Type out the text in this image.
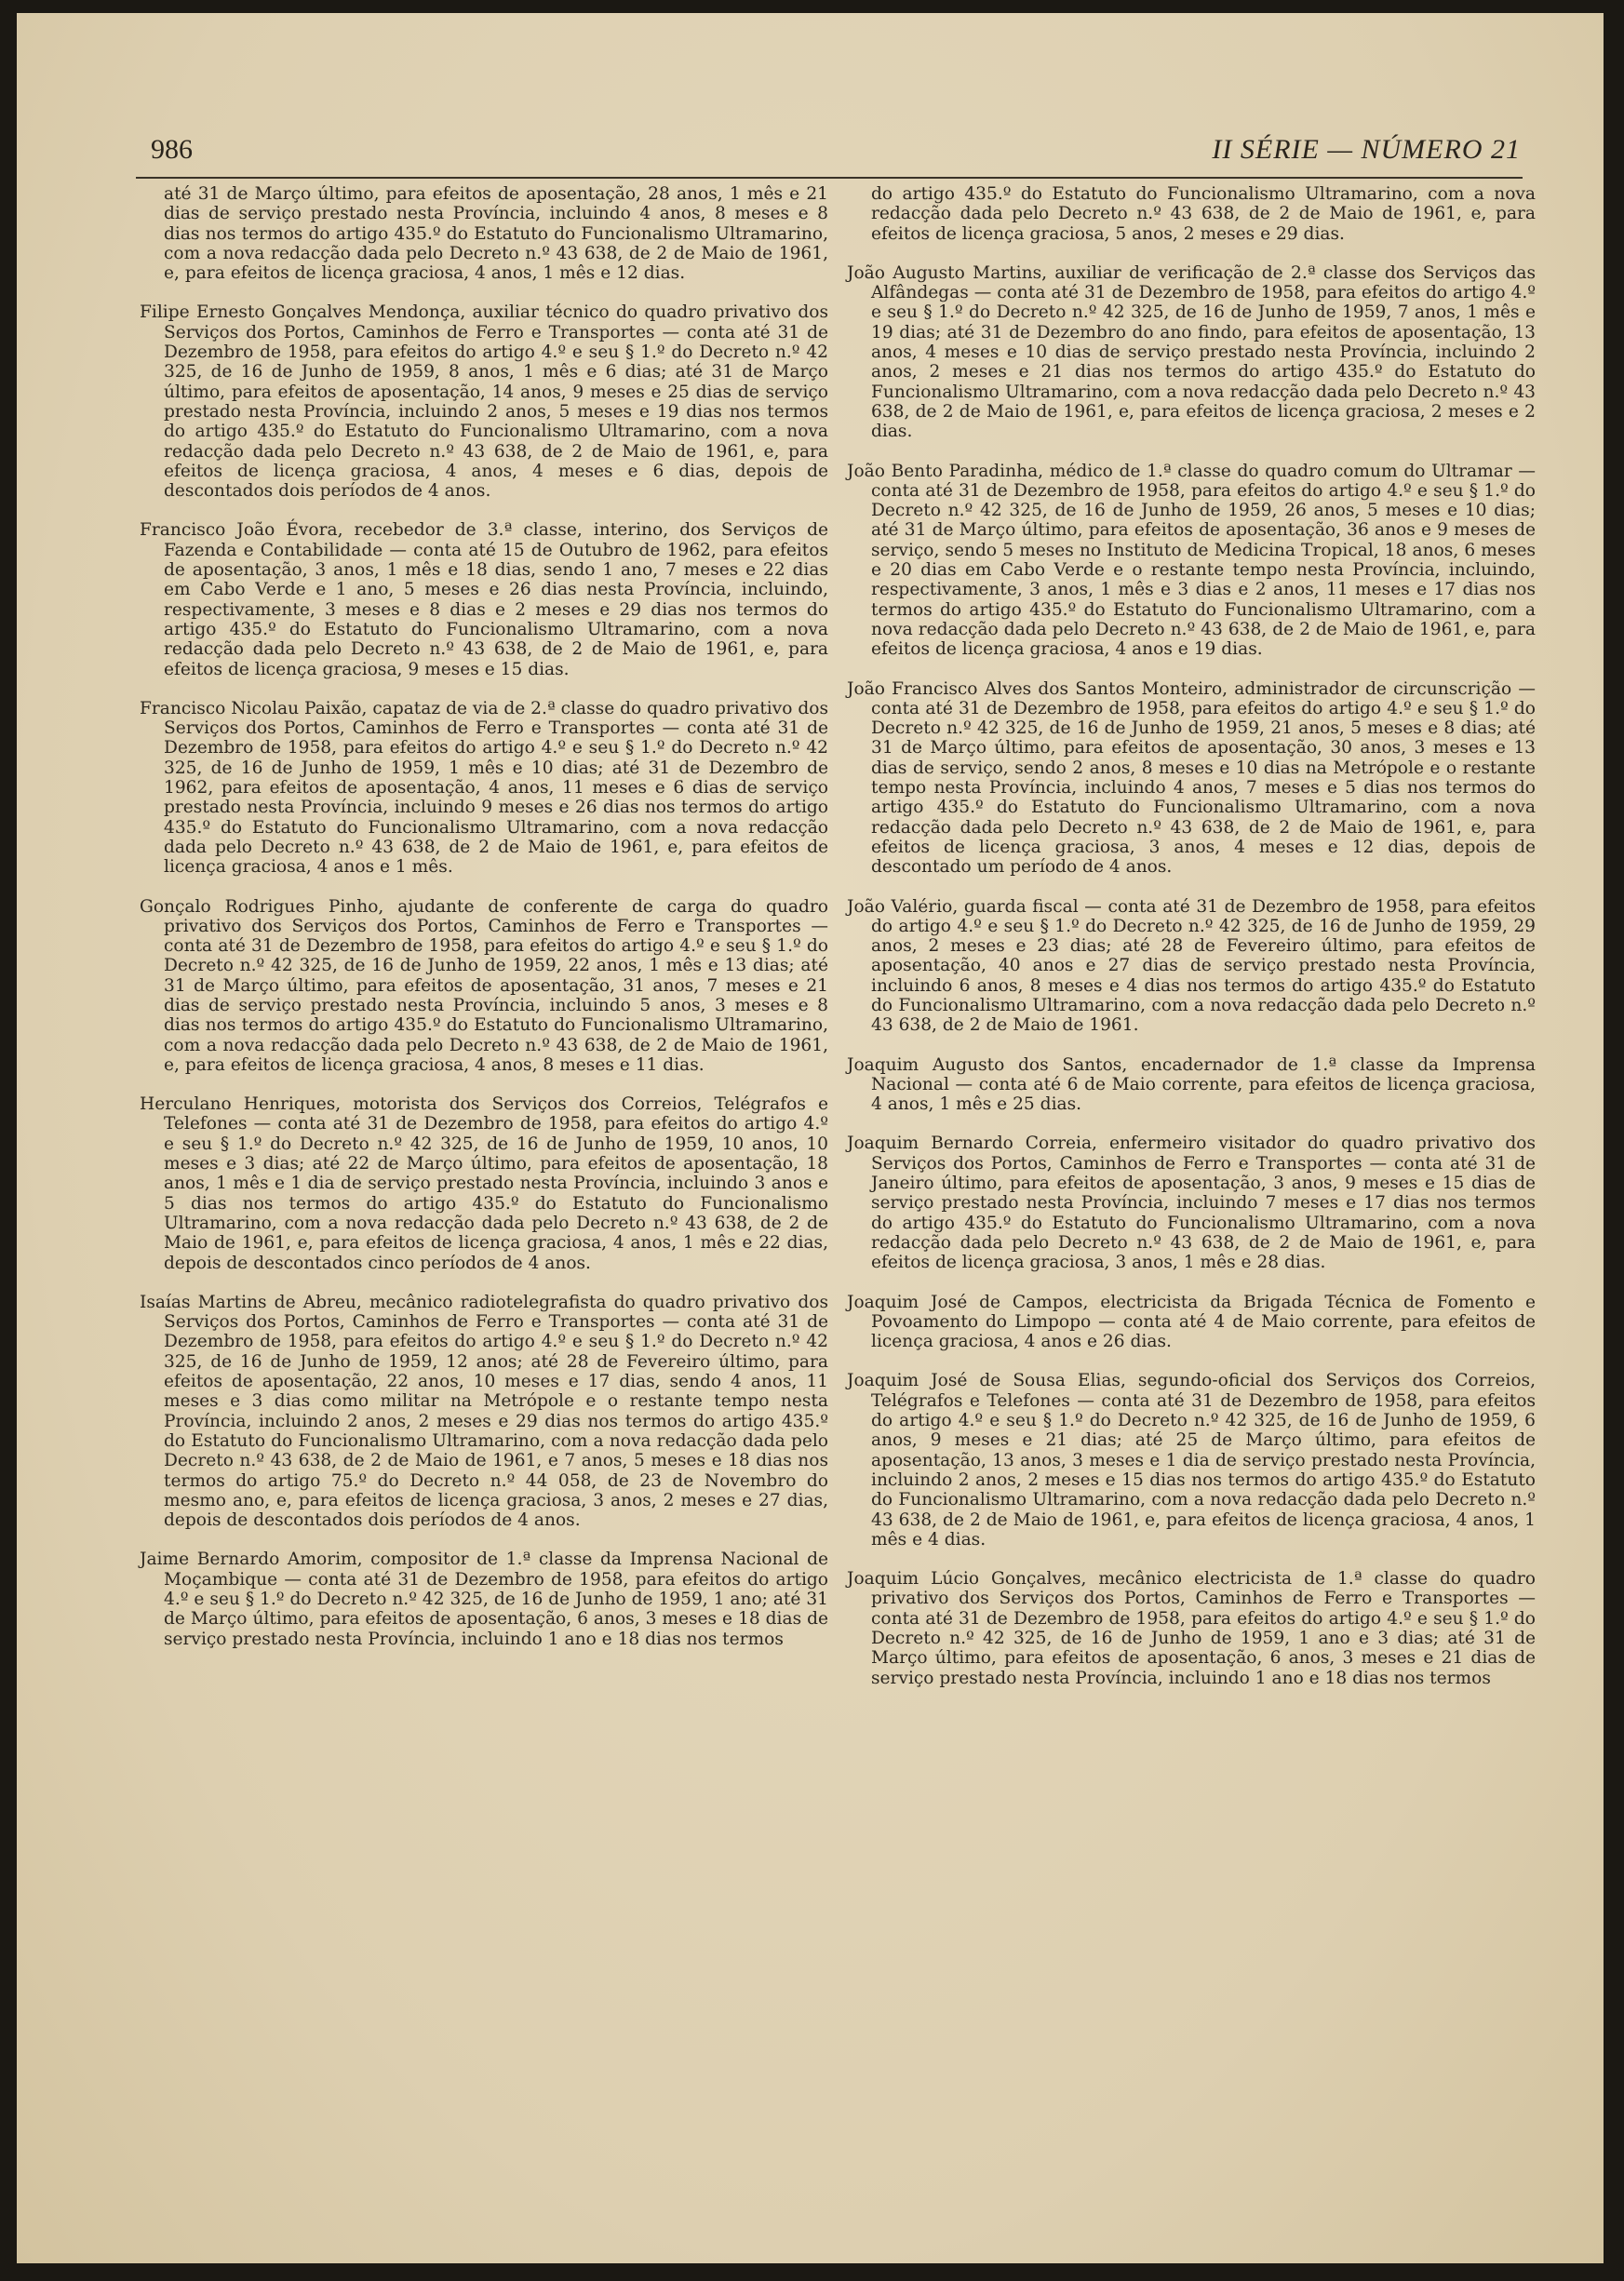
986	II SÉRIE — NÚMERO 21

até 31 de Março último, para efeitos de aposentação, 28 anos, 1 mês e 21 dias de serviço prestado nesta Província, incluindo 4 anos, 8 meses e 8 dias nos termos do artigo 435.º do Estatuto do Funcionalismo Ultramarino, com a nova redacção dada pelo Decreto n.º 43 638, de 2 de Maio de 1961, e, para efeitos de licença graciosa, 4 anos, 1 mês e 12 dias.

Filipe Ernesto Gonçalves Mendonça, auxiliar técnico do quadro privativo dos Serviços dos Portos, Caminhos de Ferro e Transportes — conta até 31 de Dezembro de 1958, para efeitos do artigo 4.º e seu § 1.º do Decreto n.º 42 325, de 16 de Junho de 1959, 8 anos, 1 mês e 6 dias; até 31 de Março último, para efeitos de aposentação, 14 anos, 9 meses e 25 dias de serviço prestado nesta Província, incluindo 2 anos, 5 meses e 19 dias nos termos do artigo 435.º do Estatuto do Funcionalismo Ultramarino, com a nova redacção dada pelo Decreto n.º 43 638, de 2 de Maio de 1961, e, para efeitos de licença graciosa, 4 anos, 4 meses e 6 dias, depois de descontados dois períodos de 4 anos.

Francisco João Évora, recebedor de 3.ª classe, interino, dos Serviços de Fazenda e Contabilidade — conta até 15 de Outubro de 1962, para efeitos de aposentação, 3 anos, 1 mês e 18 dias, sendo 1 ano, 7 meses e 22 dias em Cabo Verde e 1 ano, 5 meses e 26 dias nesta Província, incluindo, respectivamente, 3 meses e 8 dias e 2 meses e 29 dias nos termos do artigo 435.º do Estatuto do Funcionalismo Ultramarino, com a nova redacção dada pelo Decreto n.º 43 638, de 2 de Maio de 1961, e, para efeitos de licença graciosa, 9 meses e 15 dias.

Francisco Nicolau Paixão, capataz de via de 2.ª classe do quadro privativo dos Serviços dos Portos, Caminhos de Ferro e Transportes — conta até 31 de Dezembro de 1958, para efeitos do artigo 4.º e seu § 1.º do Decreto n.º 42 325, de 16 de Junho de 1959, 1 mês e 10 dias; até 31 de Dezembro de 1962, para efeitos de aposentação, 4 anos, 11 meses e 6 dias de serviço prestado nesta Província, incluindo 9 meses e 26 dias nos termos do artigo 435.º do Estatuto do Funcionalismo Ultramarino, com a nova redacção dada pelo Decreto n.º 43 638, de 2 de Maio de 1961, e, para efeitos de licença graciosa, 4 anos e 1 mês.

Gonçalo Rodrigues Pinho, ajudante de conferente de carga do quadro privativo dos Serviços dos Portos, Caminhos de Ferro e Transportes — conta até 31 de Dezembro de 1958, para efeitos do artigo 4.º e seu § 1.º do Decreto n.º 42 325, de 16 de Junho de 1959, 22 anos, 1 mês e 13 dias; até 31 de Março último, para efeitos de aposentação, 31 anos, 7 meses e 21 dias de serviço prestado nesta Província, incluindo 5 anos, 3 meses e 8 dias nos termos do artigo 435.º do Estatuto do Funcionalismo Ultramarino, com a nova redacção dada pelo Decreto n.º 43 638, de 2 de Maio de 1961, e, para efeitos de licença graciosa, 4 anos, 8 meses e 11 dias.

Herculano Henriques, motorista dos Serviços dos Correios, Telégrafos e Telefones — conta até 31 de Dezembro de 1958, para efeitos do artigo 4.º e seu § 1.º do Decreto n.º 42 325, de 16 de Junho de 1959, 10 anos, 10 meses e 3 dias; até 22 de Março último, para efeitos de aposentação, 18 anos, 1 mês e 1 dia de serviço prestado nesta Província, incluindo 3 anos e 5 dias nos termos do artigo 435.º do Estatuto do Funcionalismo Ultramarino, com a nova redacção dada pelo Decreto n.º 43 638, de 2 de Maio de 1961, e, para efeitos de licença graciosa, 4 anos, 1 mês e 22 dias, depois de descontados cinco períodos de 4 anos.

Isaías Martins de Abreu, mecânico radiotelegrafista do quadro privativo dos Serviços dos Portos, Caminhos de Ferro e Transportes — conta até 31 de Dezembro de 1958, para efeitos do artigo 4.º e seu § 1.º do Decreto n.º 42 325, de 16 de Junho de 1959, 12 anos; até 28 de Fevereiro último, para efeitos de aposentação, 22 anos, 10 meses e 17 dias, sendo 4 anos, 11 meses e 3 dias como militar na Metrópole e o restante tempo nesta Província, incluindo 2 anos, 2 meses e 29 dias nos termos do artigo 435.º do Estatuto do Funcionalismo Ultramarino, com a nova redacção dada pelo Decreto n.º 43 638, de 2 de Maio de 1961, e 7 anos, 5 meses e 18 dias nos termos do artigo 75.º do Decreto n.º 44 058, de 23 de Novembro do mesmo ano, e, para efeitos de licença graciosa, 3 anos, 2 meses e 27 dias, depois de descontados dois períodos de 4 anos.

Jaime Bernardo Amorim, compositor de 1.ª classe da Imprensa Nacional de Moçambique — conta até 31 de Dezembro de 1958, para efeitos do artigo 4.º e seu § 1.º do Decreto n.º 42 325, de 16 de Junho de 1959, 1 ano; até 31 de Março último, para efeitos de aposentação, 6 anos, 3 meses e 18 dias de serviço prestado nesta Província, incluindo 1 ano e 18 dias nos termos

do artigo 435.º do Estatuto do Funcionalismo Ultramarino, com a nova redacção dada pelo Decreto n.º 43 638, de 2 de Maio de 1961, e, para efeitos de licença graciosa, 5 anos, 2 meses e 29 dias.

João Augusto Martins, auxiliar de verificação de 2.ª classe dos Serviços das Alfândegas — conta até 31 de Dezembro de 1958, para efeitos do artigo 4.º e seu § 1.º do Decreto n.º 42 325, de 16 de Junho de 1959, 7 anos, 1 mês e 19 dias; até 31 de Dezembro do ano findo, para efeitos de aposentação, 13 anos, 4 meses e 10 dias de serviço prestado nesta Província, incluindo 2 anos, 2 meses e 21 dias nos termos do artigo 435.º do Estatuto do Funcionalismo Ultramarino, com a nova redacção dada pelo Decreto n.º 43 638, de 2 de Maio de 1961, e, para efeitos de licença graciosa, 2 meses e 2 dias.

João Bento Paradinha, médico de 1.ª classe do quadro comum do Ultramar — conta até 31 de Dezembro de 1958, para efeitos do artigo 4.º e seu § 1.º do Decreto n.º 42 325, de 16 de Junho de 1959, 26 anos, 5 meses e 10 dias; até 31 de Março último, para efeitos de aposentação, 36 anos e 9 meses de serviço, sendo 5 meses no Instituto de Medicina Tropical, 18 anos, 6 meses e 20 dias em Cabo Verde e o restante tempo nesta Província, incluindo, respectivamente, 3 anos, 1 mês e 3 dias e 2 anos, 11 meses e 17 dias nos termos do artigo 435.º do Estatuto do Funcionalismo Ultramarino, com a nova redacção dada pelo Decreto n.º 43 638, de 2 de Maio de 1961, e, para efeitos de licença graciosa, 4 anos e 19 dias.

João Francisco Alves dos Santos Monteiro, administrador de circunscrição — conta até 31 de Dezembro de 1958, para efeitos do artigo 4.º e seu § 1.º do Decreto n.º 42 325, de 16 de Junho de 1959, 21 anos, 5 meses e 8 dias; até 31 de Março último, para efeitos de aposentação, 30 anos, 3 meses e 13 dias de serviço, sendo 2 anos, 8 meses e 10 dias na Metrópole e o restante tempo nesta Província, incluindo 4 anos, 7 meses e 5 dias nos termos do artigo 435.º do Estatuto do Funcionalismo Ultramarino, com a nova redacção dada pelo Decreto n.º 43 638, de 2 de Maio de 1961, e, para efeitos de licença graciosa, 3 anos, 4 meses e 12 dias, depois de descontado um período de 4 anos.

João Valério, guarda fiscal — conta até 31 de Dezembro de 1958, para efeitos do artigo 4.º e seu § 1.º do Decreto n.º 42 325, de 16 de Junho de 1959, 29 anos, 2 meses e 23 dias; até 28 de Fevereiro último, para efeitos de aposentação, 40 anos e 27 dias de serviço prestado nesta Província, incluindo 6 anos, 8 meses e 4 dias nos termos do artigo 435.º do Estatuto do Funcionalismo Ultramarino, com a nova redacção dada pelo Decreto n.º 43 638, de 2 de Maio de 1961.

Joaquim Augusto dos Santos, encadernador de 1.ª classe da Imprensa Nacional — conta até 6 de Maio corrente, para efeitos de licença graciosa, 4 anos, 1 mês e 25 dias.

Joaquim Bernardo Correia, enfermeiro visitador do quadro privativo dos Serviços dos Portos, Caminhos de Ferro e Transportes — conta até 31 de Janeiro último, para efeitos de aposentação, 3 anos, 9 meses e 15 dias de serviço prestado nesta Província, incluindo 7 meses e 17 dias nos termos do artigo 435.º do Estatuto do Funcionalismo Ultramarino, com a nova redacção dada pelo Decreto n.º 43 638, de 2 de Maio de 1961, e, para efeitos de licença graciosa, 3 anos, 1 mês e 28 dias.

Joaquim José de Campos, electricista da Brigada Técnica de Fomento e Povoamento do Limpopo — conta até 4 de Maio corrente, para efeitos de licença graciosa, 4 anos e 26 dias.

Joaquim José de Sousa Elias, segundo-oficial dos Serviços dos Correios, Telégrafos e Telefones — conta até 31 de Dezembro de 1958, para efeitos do artigo 4.º e seu § 1.º do Decreto n.º 42 325, de 16 de Junho de 1959, 6 anos, 9 meses e 21 dias; até 25 de Março último, para efeitos de aposentação, 13 anos, 3 meses e 1 dia de serviço prestado nesta Província, incluindo 2 anos, 2 meses e 15 dias nos termos do artigo 435.º do Estatuto do Funcionalismo Ultramarino, com a nova redacção dada pelo Decreto n.º 43 638, de 2 de Maio de 1961, e, para efeitos de licença graciosa, 4 anos, 1 mês e 4 dias.

Joaquim Lúcio Gonçalves, mecânico electricista de 1.ª classe do quadro privativo dos Serviços dos Portos, Caminhos de Ferro e Transportes — conta até 31 de Dezembro de 1958, para efeitos do artigo 4.º e seu § 1.º do Decreto n.º 42 325, de 16 de Junho de 1959, 1 ano e 3 dias; até 31 de Março último, para efeitos de aposentação, 6 anos, 3 meses e 21 dias de serviço prestado nesta Província, incluindo 1 ano e 18 dias nos termos
